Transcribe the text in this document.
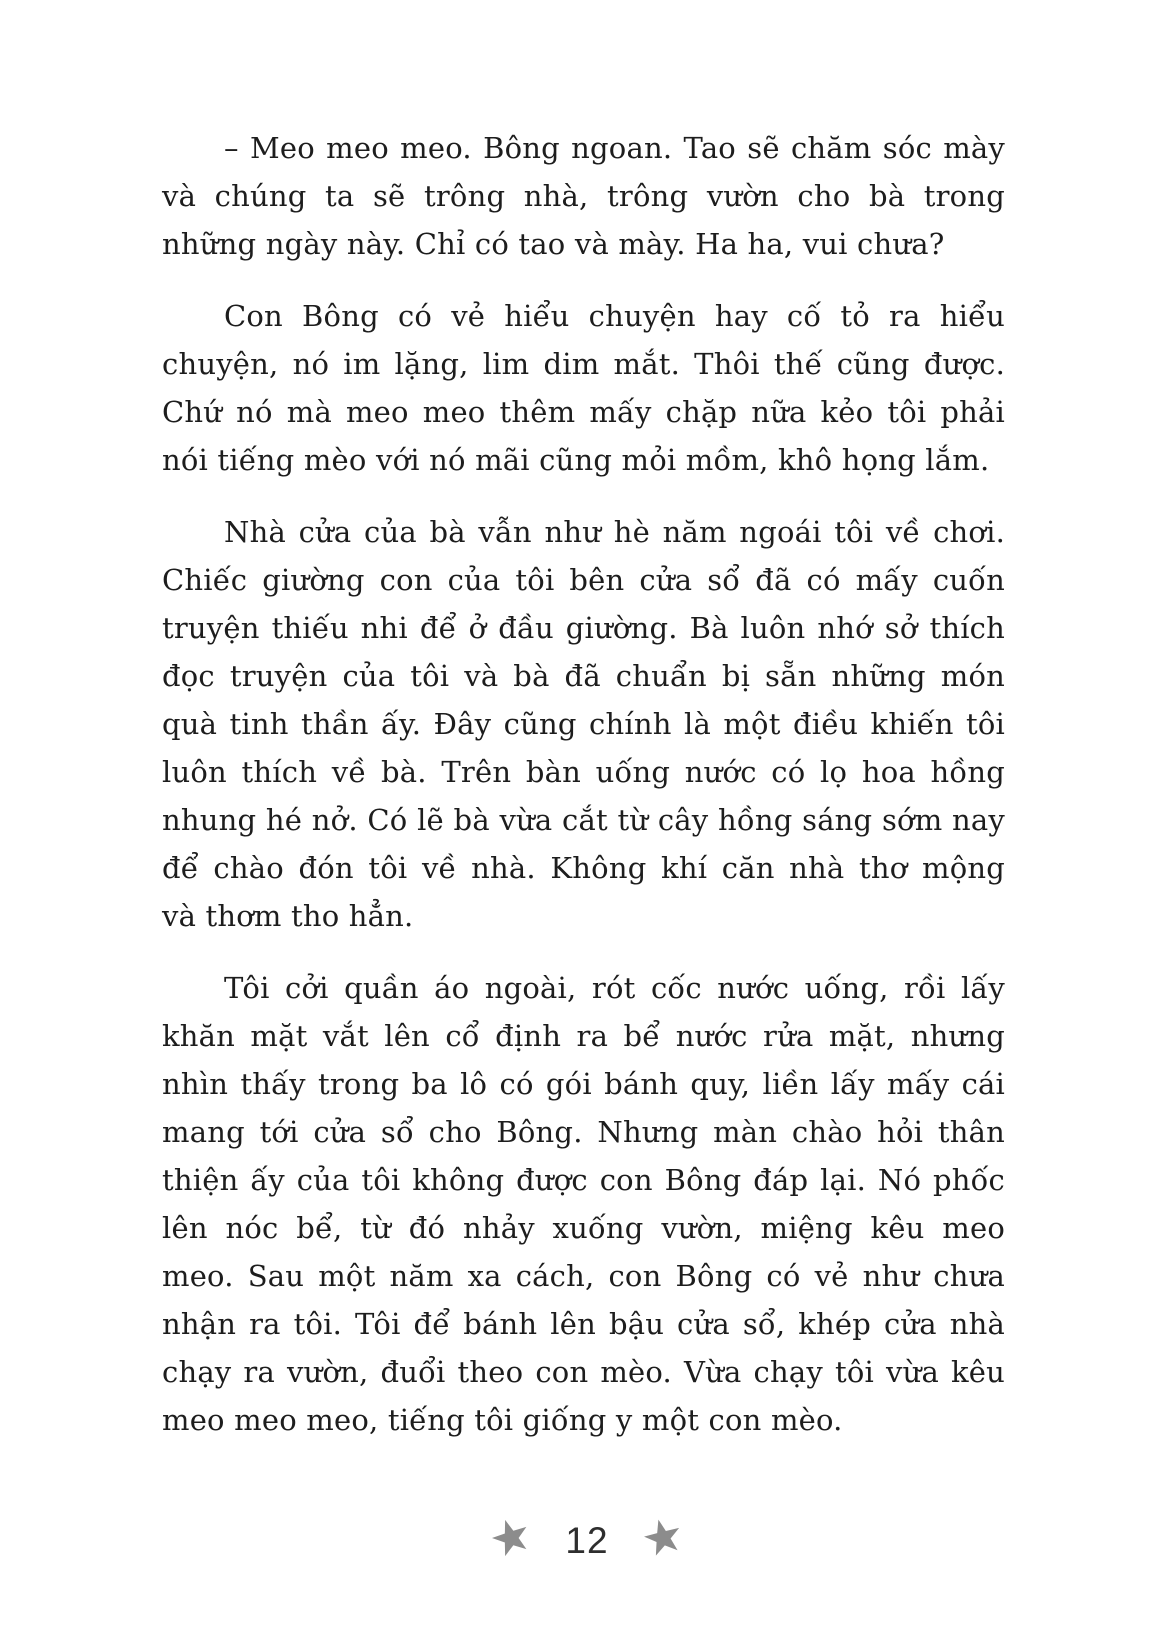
– Meo meo meo. Bông ngoan. Tao sẽ chăm sóc mày
và chúng ta sẽ trông nhà, trông vườn cho bà trong
những ngày này. Chỉ có tao và mày. Ha ha, vui chưa?
Con Bông có vẻ hiểu chuyện hay cố tỏ ra hiểu
chuyện, nó im lặng, lim dim mắt. Thôi thế cũng được.
Chứ nó mà meo meo thêm mấy chặp nữa kẻo tôi phải
nói tiếng mèo với nó mãi cũng mỏi mồm, khô họng lắm.
Nhà cửa của bà vẫn như hè năm ngoái tôi về chơi.
Chiếc giường con của tôi bên cửa sổ đã có mấy cuốn
truyện thiếu nhi để ở đầu giường. Bà luôn nhớ sở thích
đọc truyện của tôi và bà đã chuẩn bị sẵn những món
quà tinh thần ấy. Đây cũng chính là một điều khiến tôi
luôn thích về bà. Trên bàn uống nước có lọ hoa hồng
nhung hé nở. Có lẽ bà vừa cắt từ cây hồng sáng sớm nay
để chào đón tôi về nhà. Không khí căn nhà thơ mộng
và thơm tho hẳn.
Tôi cởi quần áo ngoài, rót cốc nước uống, rồi lấy
khăn mặt vắt lên cổ định ra bể nước rửa mặt, nhưng
nhìn thấy trong ba lô có gói bánh quy, liền lấy mấy cái
mang tới cửa sổ cho Bông. Nhưng màn chào hỏi thân
thiện ấy của tôi không được con Bông đáp lại. Nó phốc
lên nóc bể, từ đó nhảy xuống vườn, miệng kêu meo
meo. Sau một năm xa cách, con Bông có vẻ như chưa
nhận ra tôi. Tôi để bánh lên bậu cửa sổ, khép cửa nhà
chạy ra vườn, đuổi theo con mèo. Vừa chạy tôi vừa kêu
meo meo meo, tiếng tôi giống y một con mèo.
12
